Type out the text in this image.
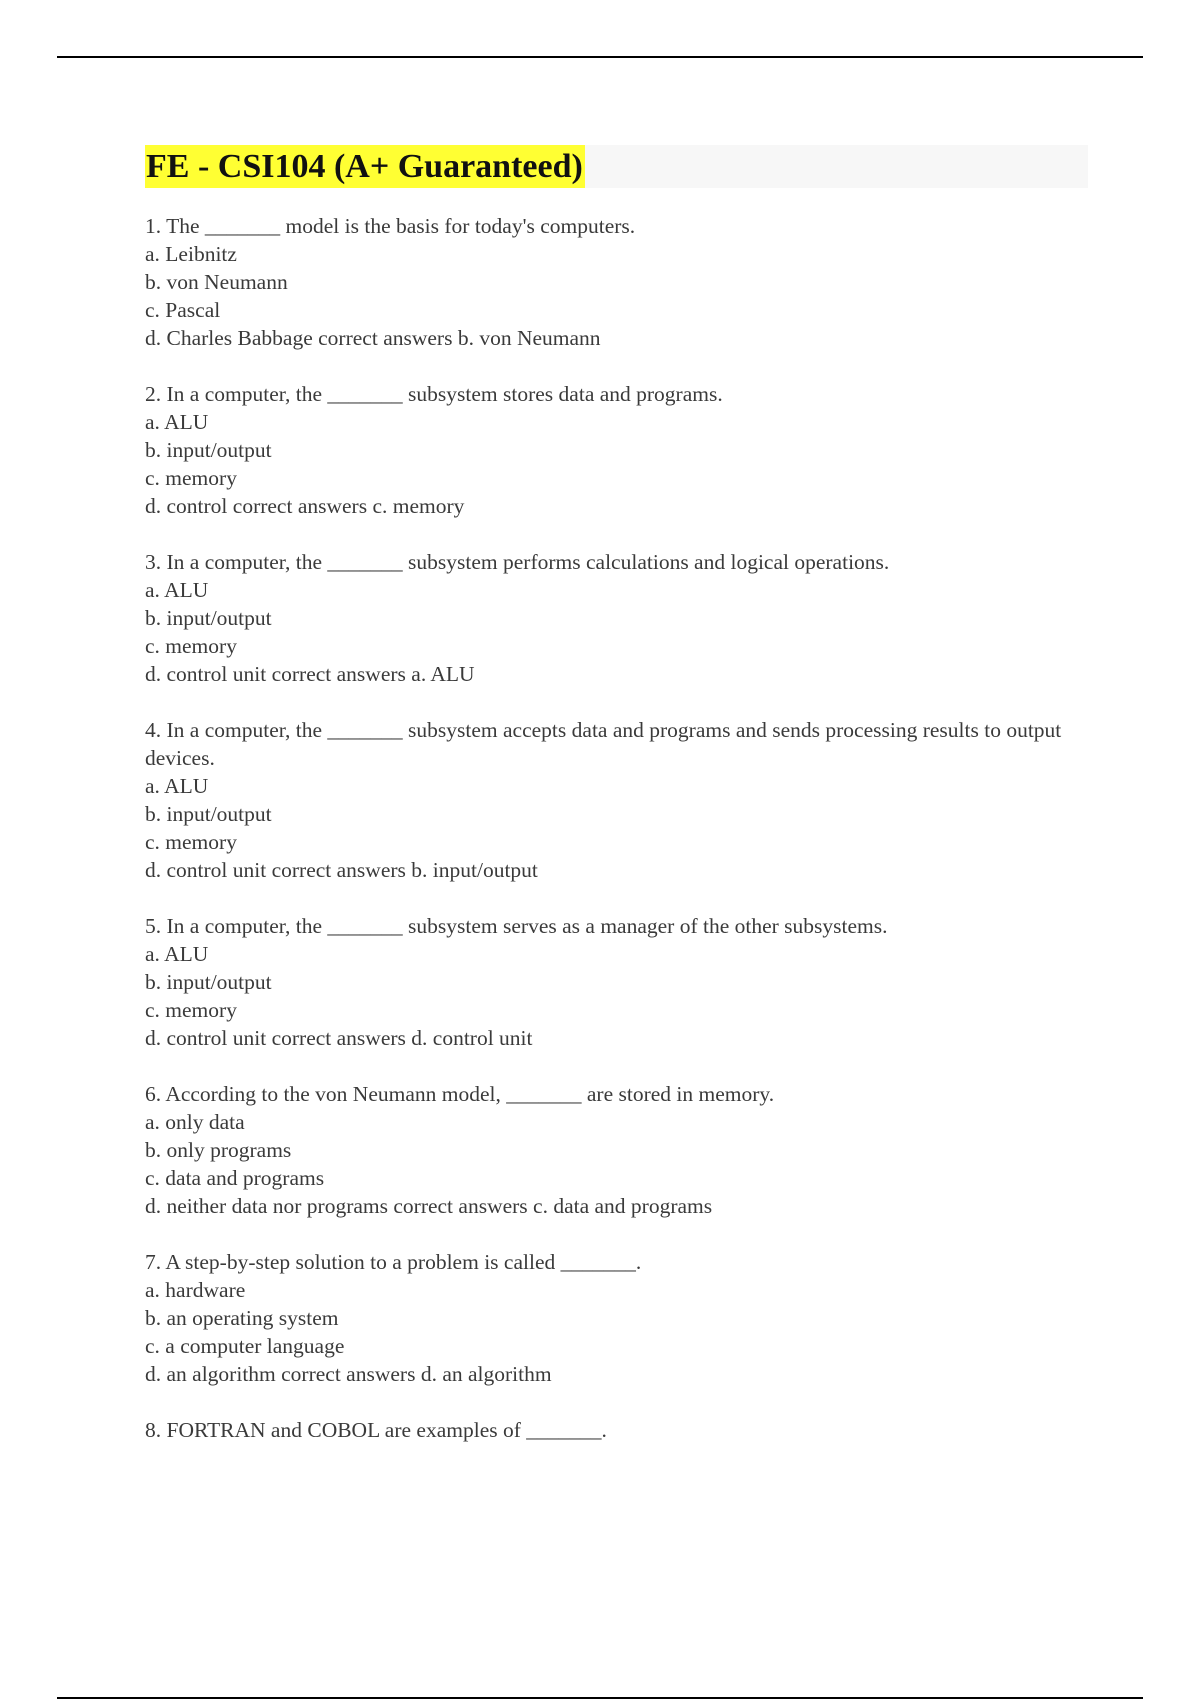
FE - CSI104 (A+ Guaranteed)
1. The _______ model is the basis for today's computers.
a. Leibnitz
b. von Neumann
c. Pascal
d. Charles Babbage correct answers b. von Neumann
2. In a computer, the _______ subsystem stores data and programs.
a. ALU
b. input/output
c. memory
d. control correct answers c. memory
3. In a computer, the _______ subsystem performs calculations and logical operations.
a. ALU
b. input/output
c. memory
d. control unit correct answers a. ALU
4. In a computer, the _______ subsystem accepts data and programs and sends processing results to output devices.
a. ALU
b. input/output
c. memory
d. control unit correct answers b. input/output
5. In a computer, the _______ subsystem serves as a manager of the other subsystems.
a. ALU
b. input/output
c. memory
d. control unit correct answers d. control unit
6. According to the von Neumann model, _______ are stored in memory.
a. only data
b. only programs
c. data and programs
d. neither data nor programs correct answers c. data and programs
7. A step-by-step solution to a problem is called _______.
a. hardware
b. an operating system
c. a computer language
d. an algorithm correct answers d. an algorithm
8. FORTRAN and COBOL are examples of _______.
